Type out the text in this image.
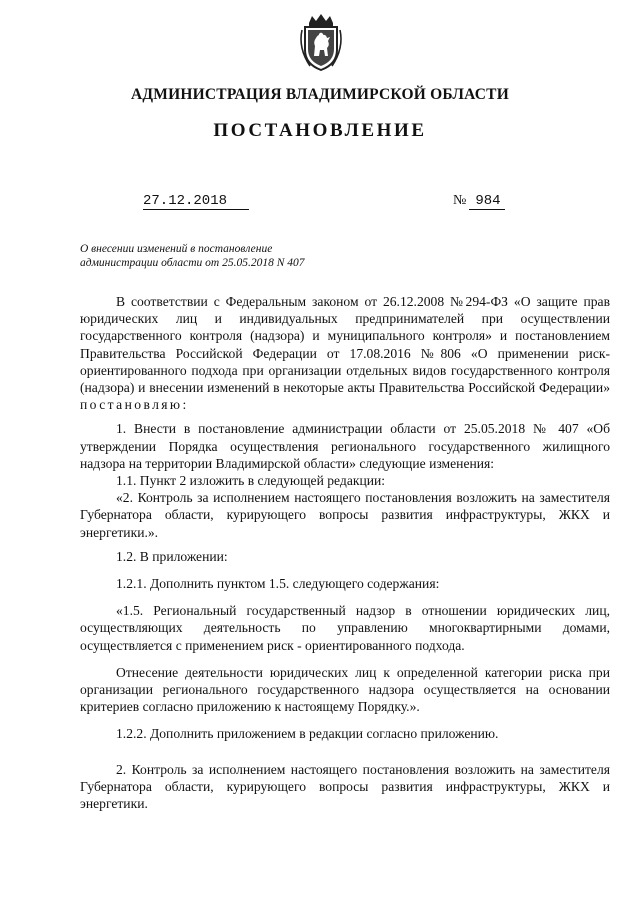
АДМИНИСТРАЦИЯ ВЛАДИМИРСКОЙ ОБЛАСТИ
ПОСТАНОВЛЕНИЕ
27.12.2018	№ 984
О внесении изменений в постановление
администрации области от 25.05.2018 N 407

В соответствии с Федеральным законом от 26.12.2008 №294-ФЗ «О защите прав юридических лиц и индивидуальных предпринимателей при осуществлении государственного контроля (надзора) и муниципального контроля» и постановлением Правительства Российской Федерации от 17.08.2016 №806 «О применении риск-ориентированного подхода при организации отдельных видов государственного контроля (надзора) и внесении изменений в некоторые акты Правительства Российской Федерации» постановляю:

1. Внести в постановление администрации области от 25.05.2018 № 407 «Об утверждении Порядка осуществления регионального государственного жилищного надзора на территории Владимирской области» следующие изменения:

1.1. Пункт 2 изложить в следующей редакции:

«2. Контроль за исполнением настоящего постановления возложить на заместителя Губернатора области, курирующего вопросы развития инфраструктуры, ЖКХ и энергетики.».

1.2. В приложении:

1.2.1. Дополнить пунктом 1.5. следующего содержания:

«1.5. Региональный государственный надзор в отношении юридических лиц, осуществляющих деятельность по управлению многоквартирными домами, осуществляется с применением риск - ориентированного подхода.

Отнесение деятельности юридических лиц к определенной категории риска при организации регионального государственного надзора осуществляется на основании критериев согласно приложению к настоящему Порядку.».

1.2.2. Дополнить приложением в редакции согласно приложению.

2. Контроль за исполнением настоящего постановления возложить на заместителя Губернатора области, курирующего вопросы развития инфраструктуры, ЖКХ и энергетики.
